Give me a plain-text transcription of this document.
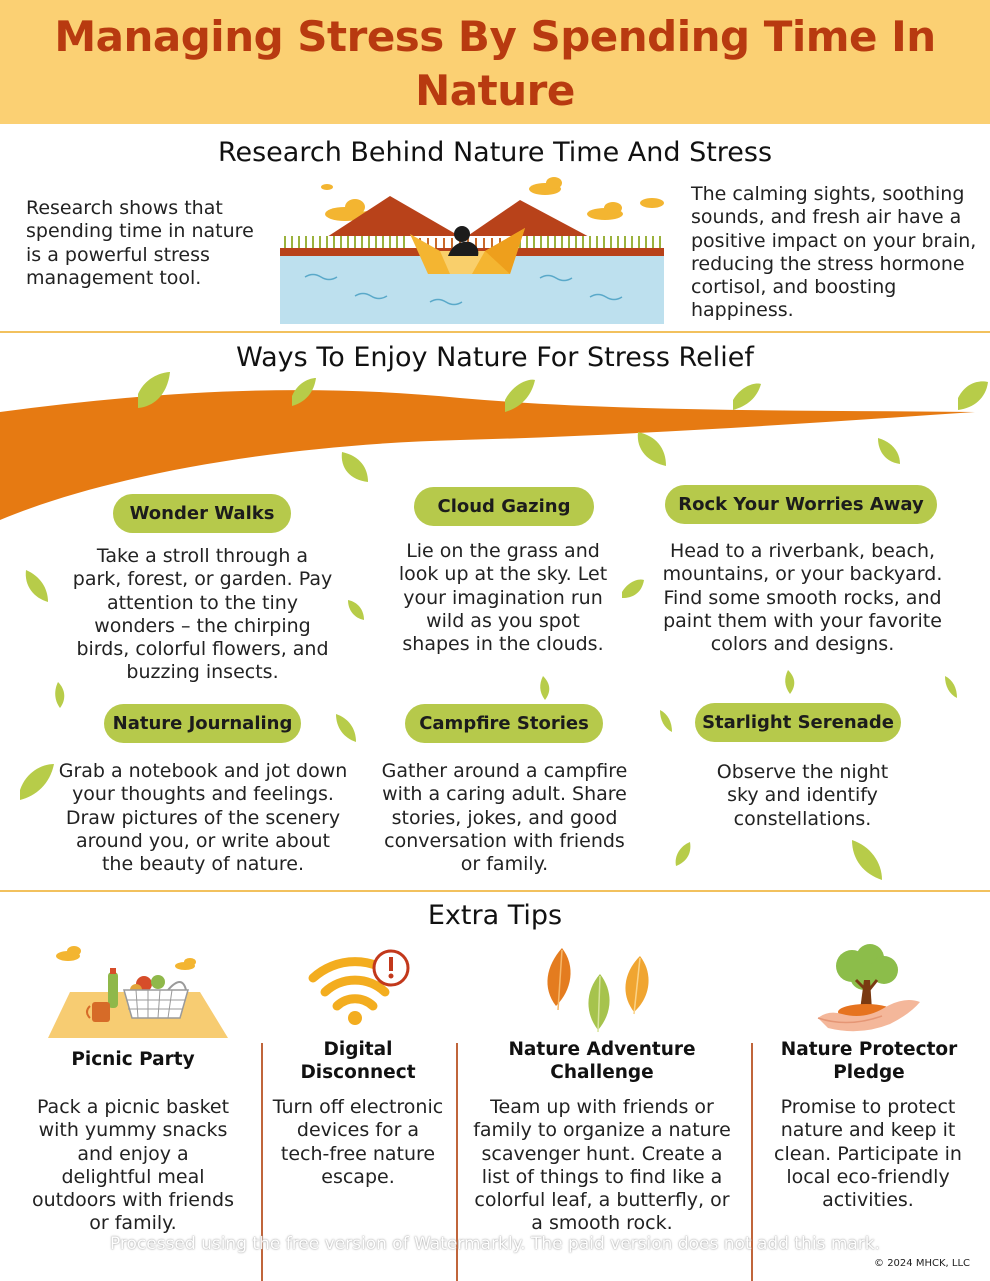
Managing Stress By Spending Time In Nature
Research Behind Nature Time And Stress
Research shows that spending time in nature is a powerful stress management tool.
The calming sights, soothing sounds, and fresh air have a positive impact on your brain, reducing the stress hormone cortisol, and boosting happiness.
Ways To Enjoy Nature For Stress Relief
Wonder Walks
Take a stroll through a park, forest, or garden. Pay attention to the tiny wonders – the chirping birds, colorful flowers, and buzzing insects.
Cloud Gazing
Lie on the grass and look up at the sky. Let your imagination run wild as you spot shapes in the clouds.
Rock Your Worries Away
Head to a riverbank, beach, mountains, or your backyard. Find some smooth rocks, and paint them with your favorite colors and designs.
Nature Journaling
Grab a notebook and jot down your thoughts and feelings. Draw pictures of the scenery around you, or write about the beauty of nature.
Campfire Stories
Gather around a campfire with a caring adult. Share stories, jokes, and good conversation with friends or family.
Starlight Serenade
Observe the night sky and identify constellations.
Extra Tips
Picnic Party
Pack a picnic basket with yummy snacks and enjoy a delightful meal outdoors with friends or family.
Digital Disconnect
Turn off electronic devices for a tech-free nature escape.
Nature Adventure Challenge
Team up with friends or family to organize a nature scavenger hunt. Create a list of things to find like a colorful leaf, a butterfly, or a smooth rock.
Nature Protector Pledge
Promise to protect nature and keep it clean. Participate in local eco-friendly activities.
Processed using the free version of Watermarkly. The paid version does not add this mark.
© 2024 MHCK, LLC
